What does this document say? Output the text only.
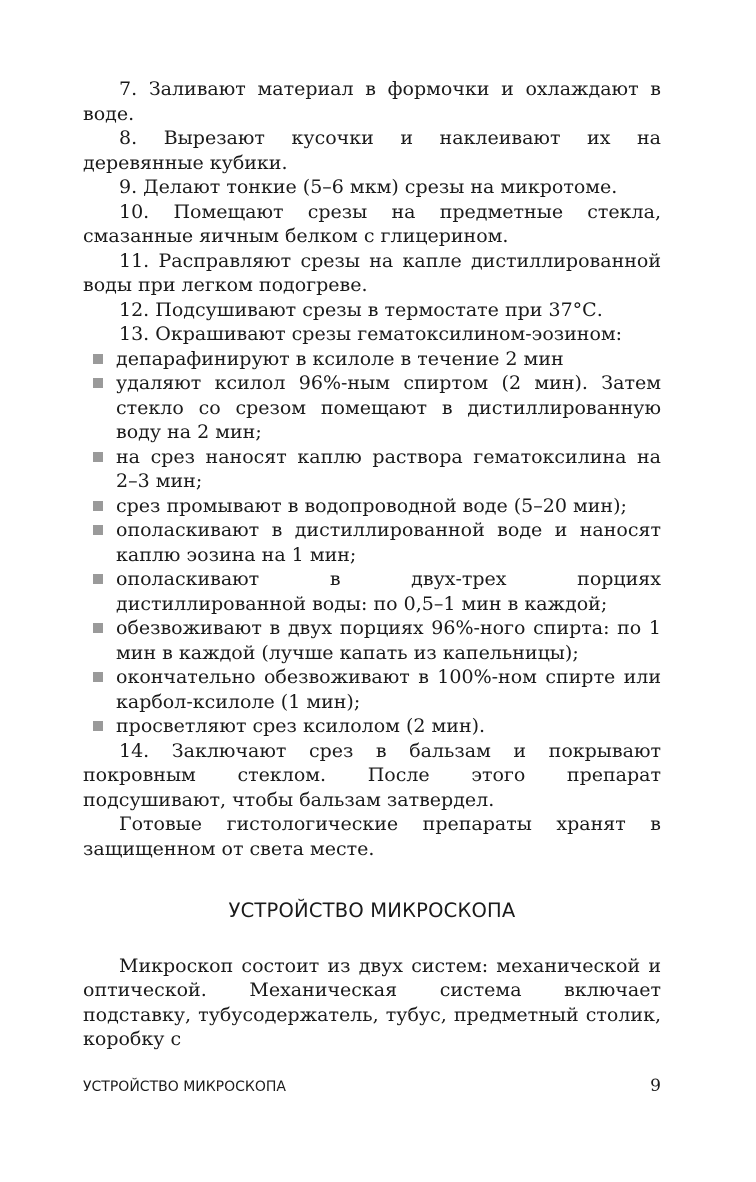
7. Заливают материал в формочки и охлаждают в воде.

8. Вырезают кусочки и наклеивают их на деревянные кубики.

9. Делают тонкие (5–6 мкм) срезы на микротоме.

10. Помещают срезы на предметные стекла, смазанные яичным белком с глицерином.

11. Расправляют срезы на капле дистиллированной воды при легком подогреве.

12. Подсушивают срезы в термостате при 37°С.

13. Окрашивают срезы гематоксилином-эозином:

депарафинируют в ксилоле в течение 2 мин
удаляют ксилол 96%-ным спиртом (2 мин). Затем стекло со срезом помещают в дистиллированную воду на 2 мин;
на срез наносят каплю раствора гематоксилина на 2–3 мин;
срез промывают в водопроводной воде (5–20 мин);
ополаскивают в дистиллированной воде и наносят каплю эозина на 1 мин;
ополаскивают в двух-трех порциях дистиллированной воды: по 0,5–1 мин в каждой;
обезвоживают в двух порциях 96%-ного спирта: по 1 мин в каждой (лучше капать из капельницы);
окончательно обезвоживают в 100%-ном спирте или карбол-ксилоле (1 мин);
просветляют срез ксилолом (2 мин).

14. Заключают срез в бальзам и покрывают покровным стеклом. После этого препарат подсушивают, чтобы бальзам затвердел.

Готовые гистологические препараты хранят в защищенном от света месте.

УСТРОЙСТВО МИКРОСКОПА

Микроскоп состоит из двух систем: механической и оптической. Механическая система включает подставку, тубусодержатель, тубус, предметный столик, коробку с

УСТРОЙСТВО МИКРОСКОПА	9
